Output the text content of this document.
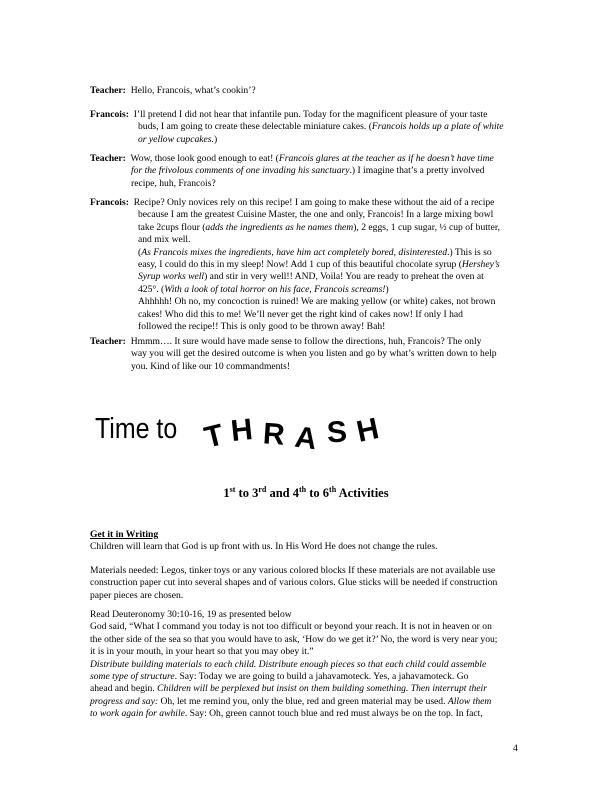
Teacher: Hello, Francois, what’s cookin’?
Francois: I’ll pretend I did not hear that infantile pun. Today for the magnificent pleasure of your taste
buds, I am going to create these delectable miniature cakes. (Francois holds up a plate of white
or yellow cupcakes.)
Teacher: Wow, those look good enough to eat! (Francois glares at the teacher as if he doesn’t have time
for the frivolous comments of one invading his sanctuary.) I imagine that’s a pretty involved
recipe, huh, Francois?
Francois: Recipe? Only novices rely on this recipe! I am going to make these without the aid of a recipe
because I am the greatest Cuisine Master, the one and only, Francois! In a large mixing bowl
take 2cups flour (adds the ingredients as he names them), 2 eggs, 1 cup sugar, ½ cup of butter,
and mix well.
(As Francois mixes the ingredients, have him act completely bored, disinterested.) This is so
easy, I could do this in my sleep! Now! Add 1 cup of this beautiful chocolate syrup (Hershey’s
Syrup works well) and stir in very well!! AND, Voila! You are ready to preheat the oven at
425°. (With a look of total horror on his face, Francois screams!)
Ahhhhh! Oh no, my concoction is ruined! We are making yellow (or white) cakes, not brown
cakes! Who did this to me! We’ll never get the right kind of cakes now! If only I had
followed the recipe!! This is only good to be thrown away! Bah!
Teacher: Hmmm…. It sure would have made sense to follow the directions, huh, Francois? The only
way you will get the desired outcome is when you listen and go by what’s written down to help
you. Kind of like our 10 commandments!
Time to T H R A S H
1st to 3rd and 4th to 6th Activities
Get it in Writing
Children will learn that God is up front with us. In His Word He does not change the rules.
Materials needed: Legos, tinker toys or any various colored blocks If these materials are not available use
construction paper cut into several shapes and of various colors. Glue sticks will be needed if construction
paper pieces are chosen.
Read Deuteronomy 30:10-16, 19 as presented below
God said, “What I command you today is not too difficult or beyond your reach. It is not in heaven or on
the other side of the sea so that you would have to ask, ‘How do we get it?’ No, the word is very near you;
it is in your mouth, in your heart so that you may obey it.”
Distribute building materials to each child. Distribute enough pieces so that each child could assemble
some type of structure. Say: Today we are going to build a jahavamoteck. Yes, a jahavamoteck. Go
ahead and begin. Children will be perplexed but insist on them building something. Then interrupt their
progress and say: Oh, let me remind you, only the blue, red and green material may be used. Allow them
to work again for awhile. Say: Oh, green cannot touch blue and red must always be on the top. In fact,
4
